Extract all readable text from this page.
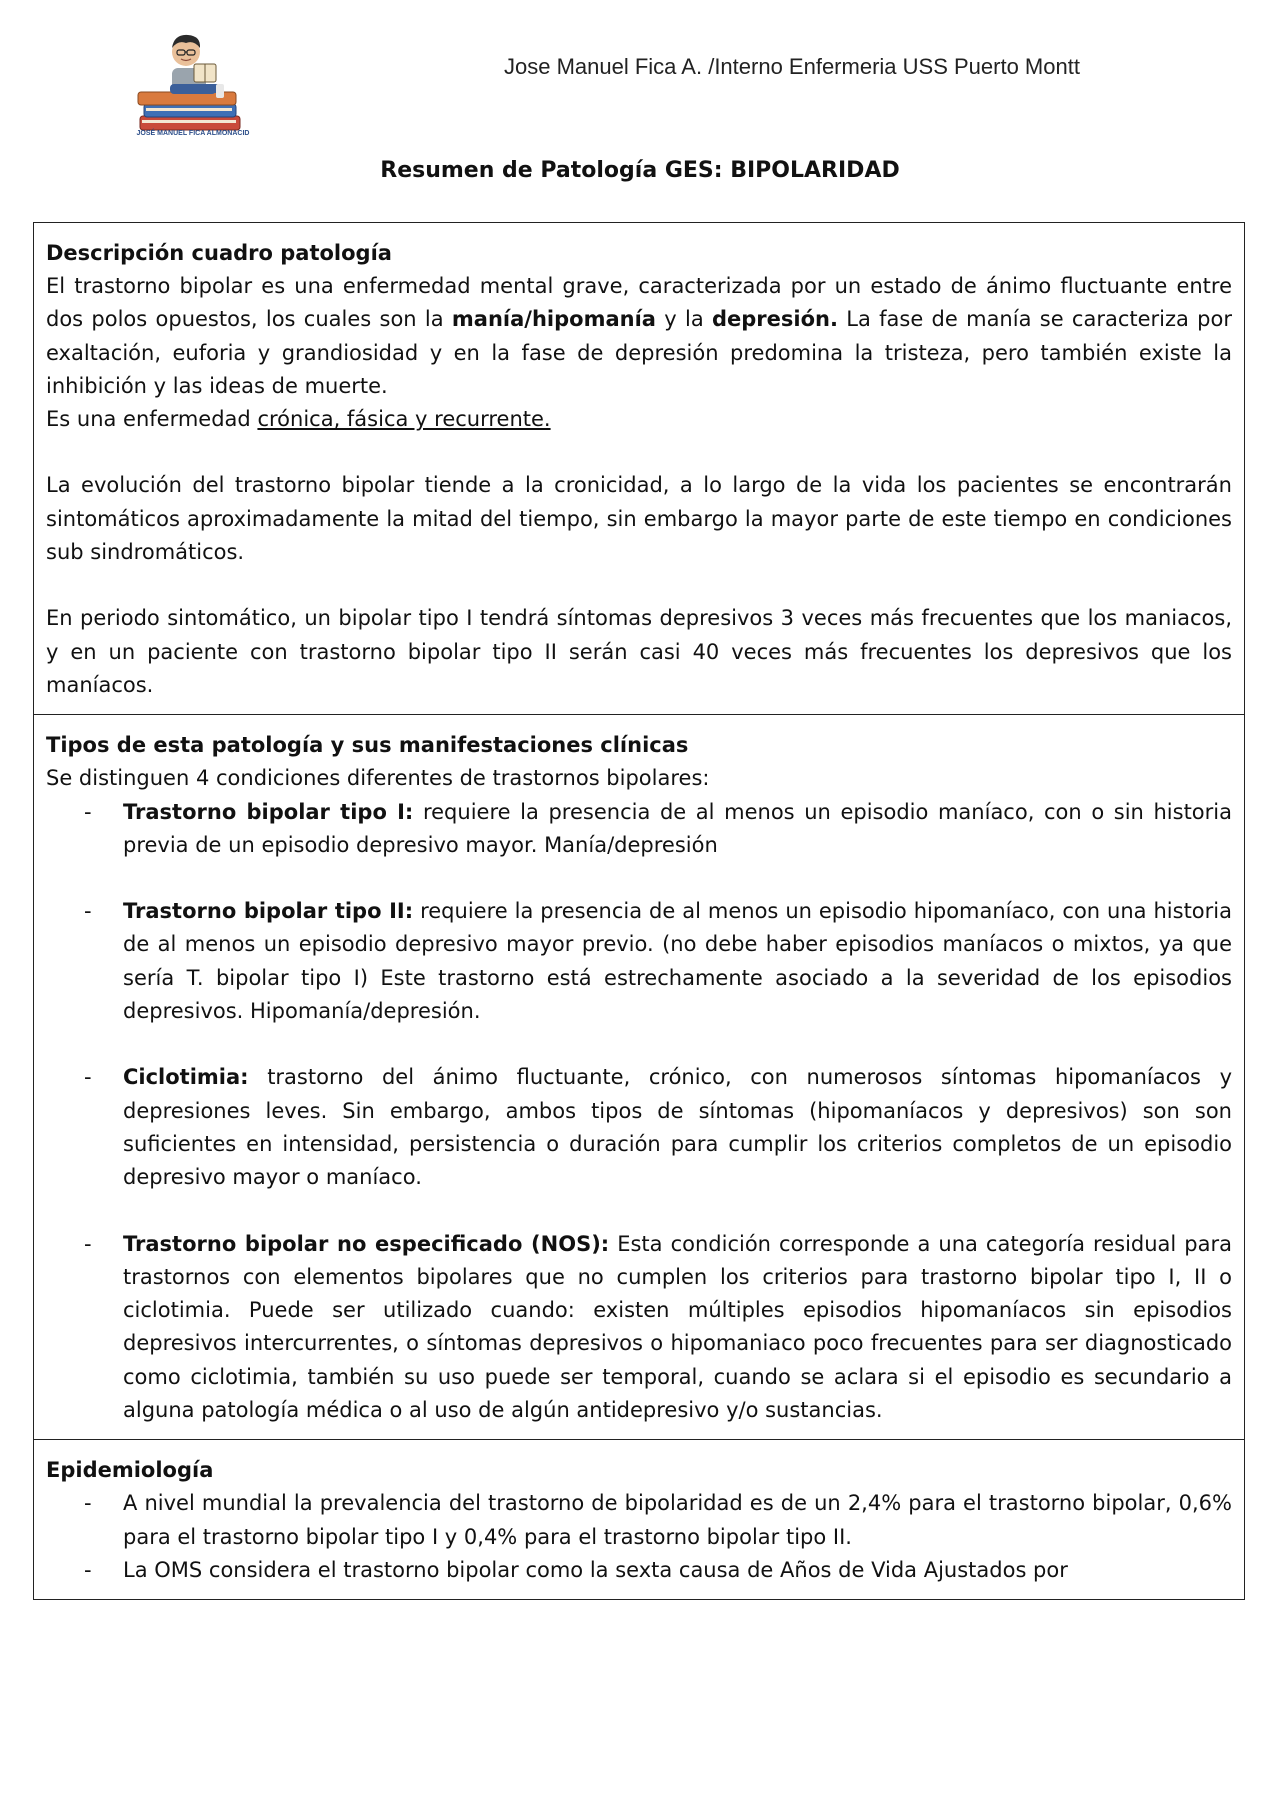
JOSÉ MANUEL FICA ALMONACID
Jose Manuel Fica A. /Interno Enfermeria USS Puerto Montt
Resumen de Patología GES: BIPOLARIDAD
Descripción cuadro patología

El trastorno bipolar es una enfermedad mental grave, caracterizada por un estado de ánimo fluctuante entre dos polos opuestos, los cuales son la manía/hipomanía y la depresión. La fase de manía se caracteriza por exaltación, euforia y grandiosidad y en la fase de depresión predomina la tristeza, pero también existe la inhibición y las ideas de muerte.

Es una enfermedad crónica, fásica y recurrente.

La evolución del trastorno bipolar tiende a la cronicidad, a lo largo de la vida los pacientes se encontrarán sintomáticos aproximadamente la mitad del tiempo, sin embargo la mayor parte de este tiempo en condiciones sub sindromáticos.

En periodo sintomático, un bipolar tipo I tendrá síntomas depresivos 3 veces más frecuentes que los maniacos, y en un paciente con trastorno bipolar tipo II serán casi 40 veces más frecuentes los depresivos que los maníacos.

Tipos de esta patología y sus manifestaciones clínicas

Se distinguen 4 condiciones diferentes de trastornos bipolares:

- Trastorno bipolar tipo I: requiere la presencia de al menos un episodio maníaco, con o sin historia previa de un episodio depresivo mayor. Manía/depresión
- Trastorno bipolar tipo II: requiere la presencia de al menos un episodio hipomaníaco, con una historia de al menos un episodio depresivo mayor previo. (no debe haber episodios maníacos o mixtos, ya que sería T. bipolar tipo I) Este trastorno está estrechamente asociado a la severidad de los episodios depresivos. Hipomanía/depresión.
- Ciclotimia: trastorno del ánimo fluctuante, crónico, con numerosos síntomas hipomaníacos y depresiones leves. Sin embargo, ambos tipos de síntomas (hipomaníacos y depresivos) son son suficientes en intensidad, persistencia o duración para cumplir los criterios completos de un episodio depresivo mayor o maníaco.
- Trastorno bipolar no especificado (NOS): Esta condición corresponde a una categoría residual para trastornos con elementos bipolares que no cumplen los criterios para trastorno bipolar tipo I, II o ciclotimia. Puede ser utilizado cuando: existen múltiples episodios hipomaníacos sin episodios depresivos intercurrentes, o síntomas depresivos o hipomaniaco poco frecuentes para ser diagnosticado como ciclotimia, también su uso puede ser temporal, cuando se aclara si el episodio es secundario a alguna patología médica o al uso de algún antidepresivo y/o sustancias.
Epidemiología
- A nivel mundial la prevalencia del trastorno de bipolaridad es de un 2,4% para el trastorno bipolar, 0,6% para el trastorno bipolar tipo I y 0,4% para el trastorno bipolar tipo II.
- La OMS considera el trastorno bipolar como la sexta causa de Años de Vida Ajustados por
